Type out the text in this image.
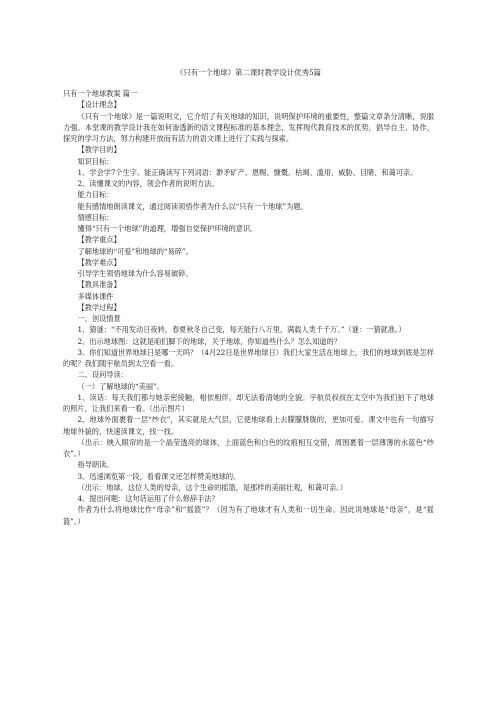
《只有一个地球》第二课时教学设计优秀5篇

只有一个地球教案 篇一

【设计理念】

《只有一个地球》是一篇说明文，它介绍了有关地球的知识，说明保护环境的重要性，整篇文章条分清晰，说服力强。本堂课的教学设计我在如何渗透新的语文课程标准的基本理念，发挥现代教育技术的优势，倡导自主、协作、探究的学习方法，努力构建开放而有活力的语文课上进行了实践与探索。

【教学目的】

知识目标：

1、学会学7个生字。能正确读写下列词语：渺矛矿产、恩赐、慷慨、枯竭、滥用、威胁、目睹、和蔼可亲。

2、读懂课文的内容，领会作者的说明方法。

能力目标：

能有感情地朗读课文，通过阅读领悟作者为什么以“只有一个地球”为题。

情感目标：

懂得“只有一个地球”的道理，增强自觉保护环境的意识。

【教学重点】

了解地球的“可爱”和地球的“易碎”。

【教学难点】

引导学生领悟地球为什么容易破碎。

【教具准备】

多媒体课件

【教学过程】

一、创设情景

1、猜谜：“不用发动日夜转，春夏秋冬自己变，每天能行八万里，满载人类千千万。”（谜：一猜就准。）

2、出示地球图：这就是咱们脚下的地球，关于地球，你知道些什么？怎么知道的？

3、你们知道世界地球日是哪一天吗？（4月22日是世界地球日）我们大家生活在地球上，我们的地球到底是怎样的呢？我们随宇航员到太空看一看。

二、设问导读：

（一）了解地球的“美丽”。

1、读话：每天我们都与她亲密接触，相依相伴，却无法看清她的全貌。宇航员叔叔在太空中为我们拍下了地球的照片，让我们来看一看。（出示图片）

2、地球外面裹着一层“纱衣”，其实就是大气层，它使地球看上去朦朦胧胧的，更加可爱。课文中也有一句描写地球外貌的，快速读课文，找一找。

（出示：映入眼帘的是一个晶莹透亮的球体，上面蓝色和白色的纹痕相互交错，周围裹着一层薄薄的水蓝色“纱衣”。）

指导朗读。

3、迅速浏览第一段，看看课文还怎样赞美地球的。

（出示：地球，这位人类的母亲，这个生命的摇篮，是那样的美丽壮观，和蔼可亲。）

4、提出问题：这句话运用了什么修辞手法？

作者为什么将地球比作“母亲”和“摇篮”？（因为有了地球才有人类和一切生命。因此说地球是“母亲”，是“摇篮”。）
